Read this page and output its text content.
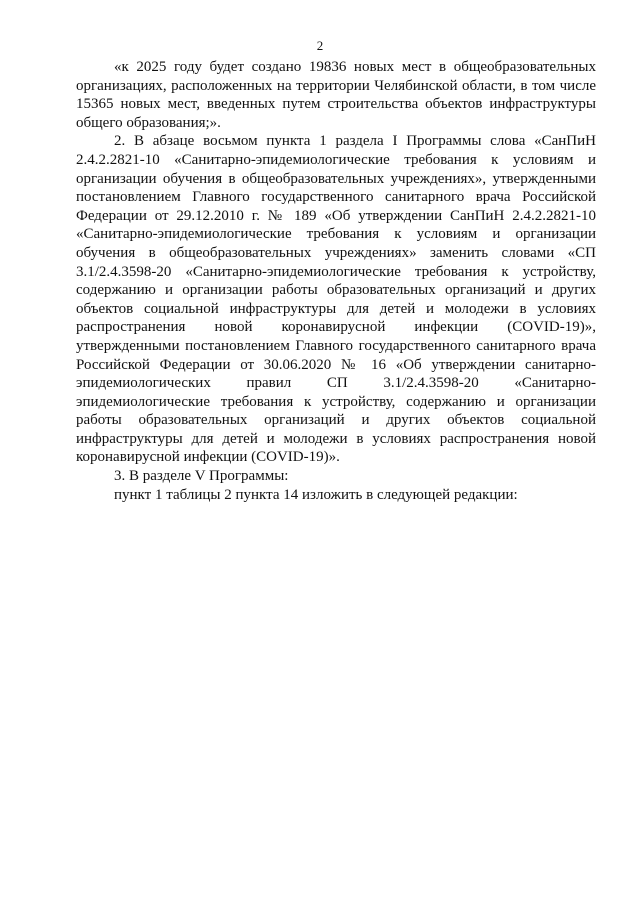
2

«к 2025 году будет создано 19836 новых мест в общеобразовательных организациях, расположенных на территории Челябинской области, в том числе 15365 новых мест, введенных путем строительства объектов инфраструктуры общего образования;».

2. В абзаце восьмом пункта 1 раздела I Программы слова «СанПиН 2.4.2.2821-10 «Санитарно-эпидемиологические требования к условиям и организации обучения в общеобразовательных учреждениях», утвержденными постановлением Главного государственного санитарного врача Российской Федерации от 29.12.2010 г. № 189 «Об утверждении СанПиН 2.4.2.2821-10 «Санитарно-эпидемиологические требования к условиям и организации обучения в общеобразовательных учреждениях» заменить словами «СП 3.1/2.4.3598-20 «Санитарно-эпидемиологические требования к устройству, содержанию и организации работы образовательных организаций и других объектов социальной инфраструктуры для детей и молодежи в условиях распространения новой коронавирусной инфекции (COVID-19)», утвержденными постановлением Главного государственного санитарного врача Российской Федерации от 30.06.2020 № 16 «Об утверждении санитарно-эпидемиологических правил СП 3.1/2.4.3598-20 «Санитарно-эпидемиологические требования к устройству, содержанию и организации работы образовательных организаций и других объектов социальной инфраструктуры для детей и молодежи в условиях распространения новой коронавирусной инфекции (COVID-19)».

3. В разделе V Программы:

пункт 1 таблицы 2 пункта 14 изложить в следующей редакции:
